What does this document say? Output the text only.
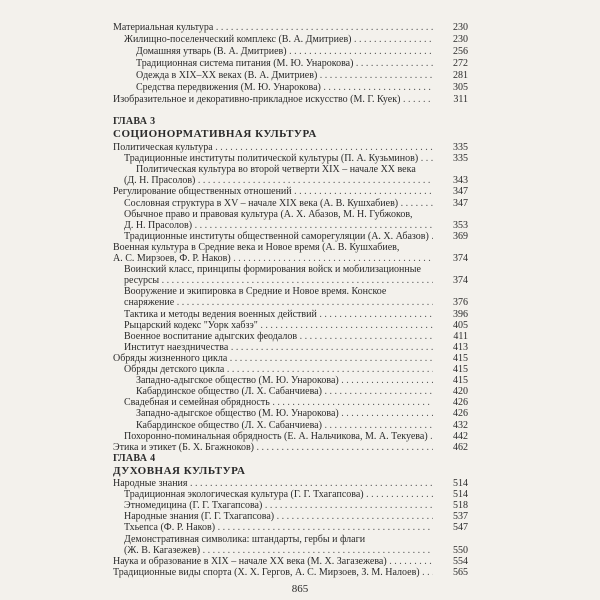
Материальная культура . . .	230
Жилищно-поселенческий комплекс (В. А. Дмитриев) . . .	230
Домашняя утварь (В. А. Дмитриев) . . .	256
Традиционная система питания (М. Ю. Унарокова) . . .	272
Одежда в XIX–XX веках (В. А. Дмитриев) . . .	281
Средства передвижения (М. Ю. Унарокова) . . .	305
Изобразительное и декоративно-прикладное искусство (М. Г. Куек) . . .	311
ГЛАВА 3
СОЦИОНОРМАТИВНАЯ КУЛЬТУРА
Политическая культура . . .	335
Традиционные институты политической культуры (П. А. Кузьминов) . . .	335
Политическая культура во второй четверти XIX – начале XX века
(Д. Н. Прасолов) . . .	343
Регулирование общественных отношений . . .	347
Сословная структура в XV – начале XIX века (А. В. Кушхабиев) . . .	347
Обычное право и правовая культура (А. Х. Абазов, М. Н. Губжоков,
Д. Н. Прасолов) . . .	353
Традиционные институты общественной саморегуляции (А. Х. Абазов) . . .	369
Военная культура в Средние века и Новое время (А. В. Кушхабиев,
А. С. Мирзоев, Ф. Р. Наков) . . .	374
Воинский класс, принципы формирования войск и мобилизационные
ресурсы . . .	374
Вооружение и экипировка в Средние и Новое время. Конское
снаряжение . . .	376
Тактика и методы ведения военных действий . . .	396
Рыцарский кодекс "Уорк хабзэ" . . .	405
Военное воспитание адыгских феодалов . . .	411
Институт наездничества . . .	413
Обряды жизненного цикла . . .	415
Обряды детского цикла . . .	415
Западно-адыгское общество (М. Ю. Унарокова) . . .	415
Кабардинское общество (Л. Х. Сабанчиева) . . .	420
Свадебная и семейная обрядность . . .	426
Западно-адыгское общество (М. Ю. Унарокова) . . .	426
Кабардинское общество (Л. Х. Сабанчиева) . . .	432
Похоронно-поминальная обрядность (Е. А. Нальчикова, М. А. Текуева) . . .	442
Этика и этикет (Б. Х. Бгажноков) . . .	462
ГЛАВА 4
ДУХОВНАЯ КУЛЬТУРА
Народные знания . . .	514
Традиционная экологическая культура (Г. Г. Тхагапсова) . . .	514
Этномедицина (Г. Г. Тхагапсова) . . .	518
Народные знания (Г. Г. Тхагапсова) . . .	537
Тхьепса (Ф. Р. Наков) . . .	547
Демонстративная символика: штандарты, гербы и флаги
(Ж. В. Кагазежев) . . .	550
Наука и образование в XIX – начале XX века (М. Х. Загазежева) . . .	554
Традиционные виды спорта (Х. Х. Гергов, А. С. Мирзоев, З. М. Налоев) . . .	565
865
